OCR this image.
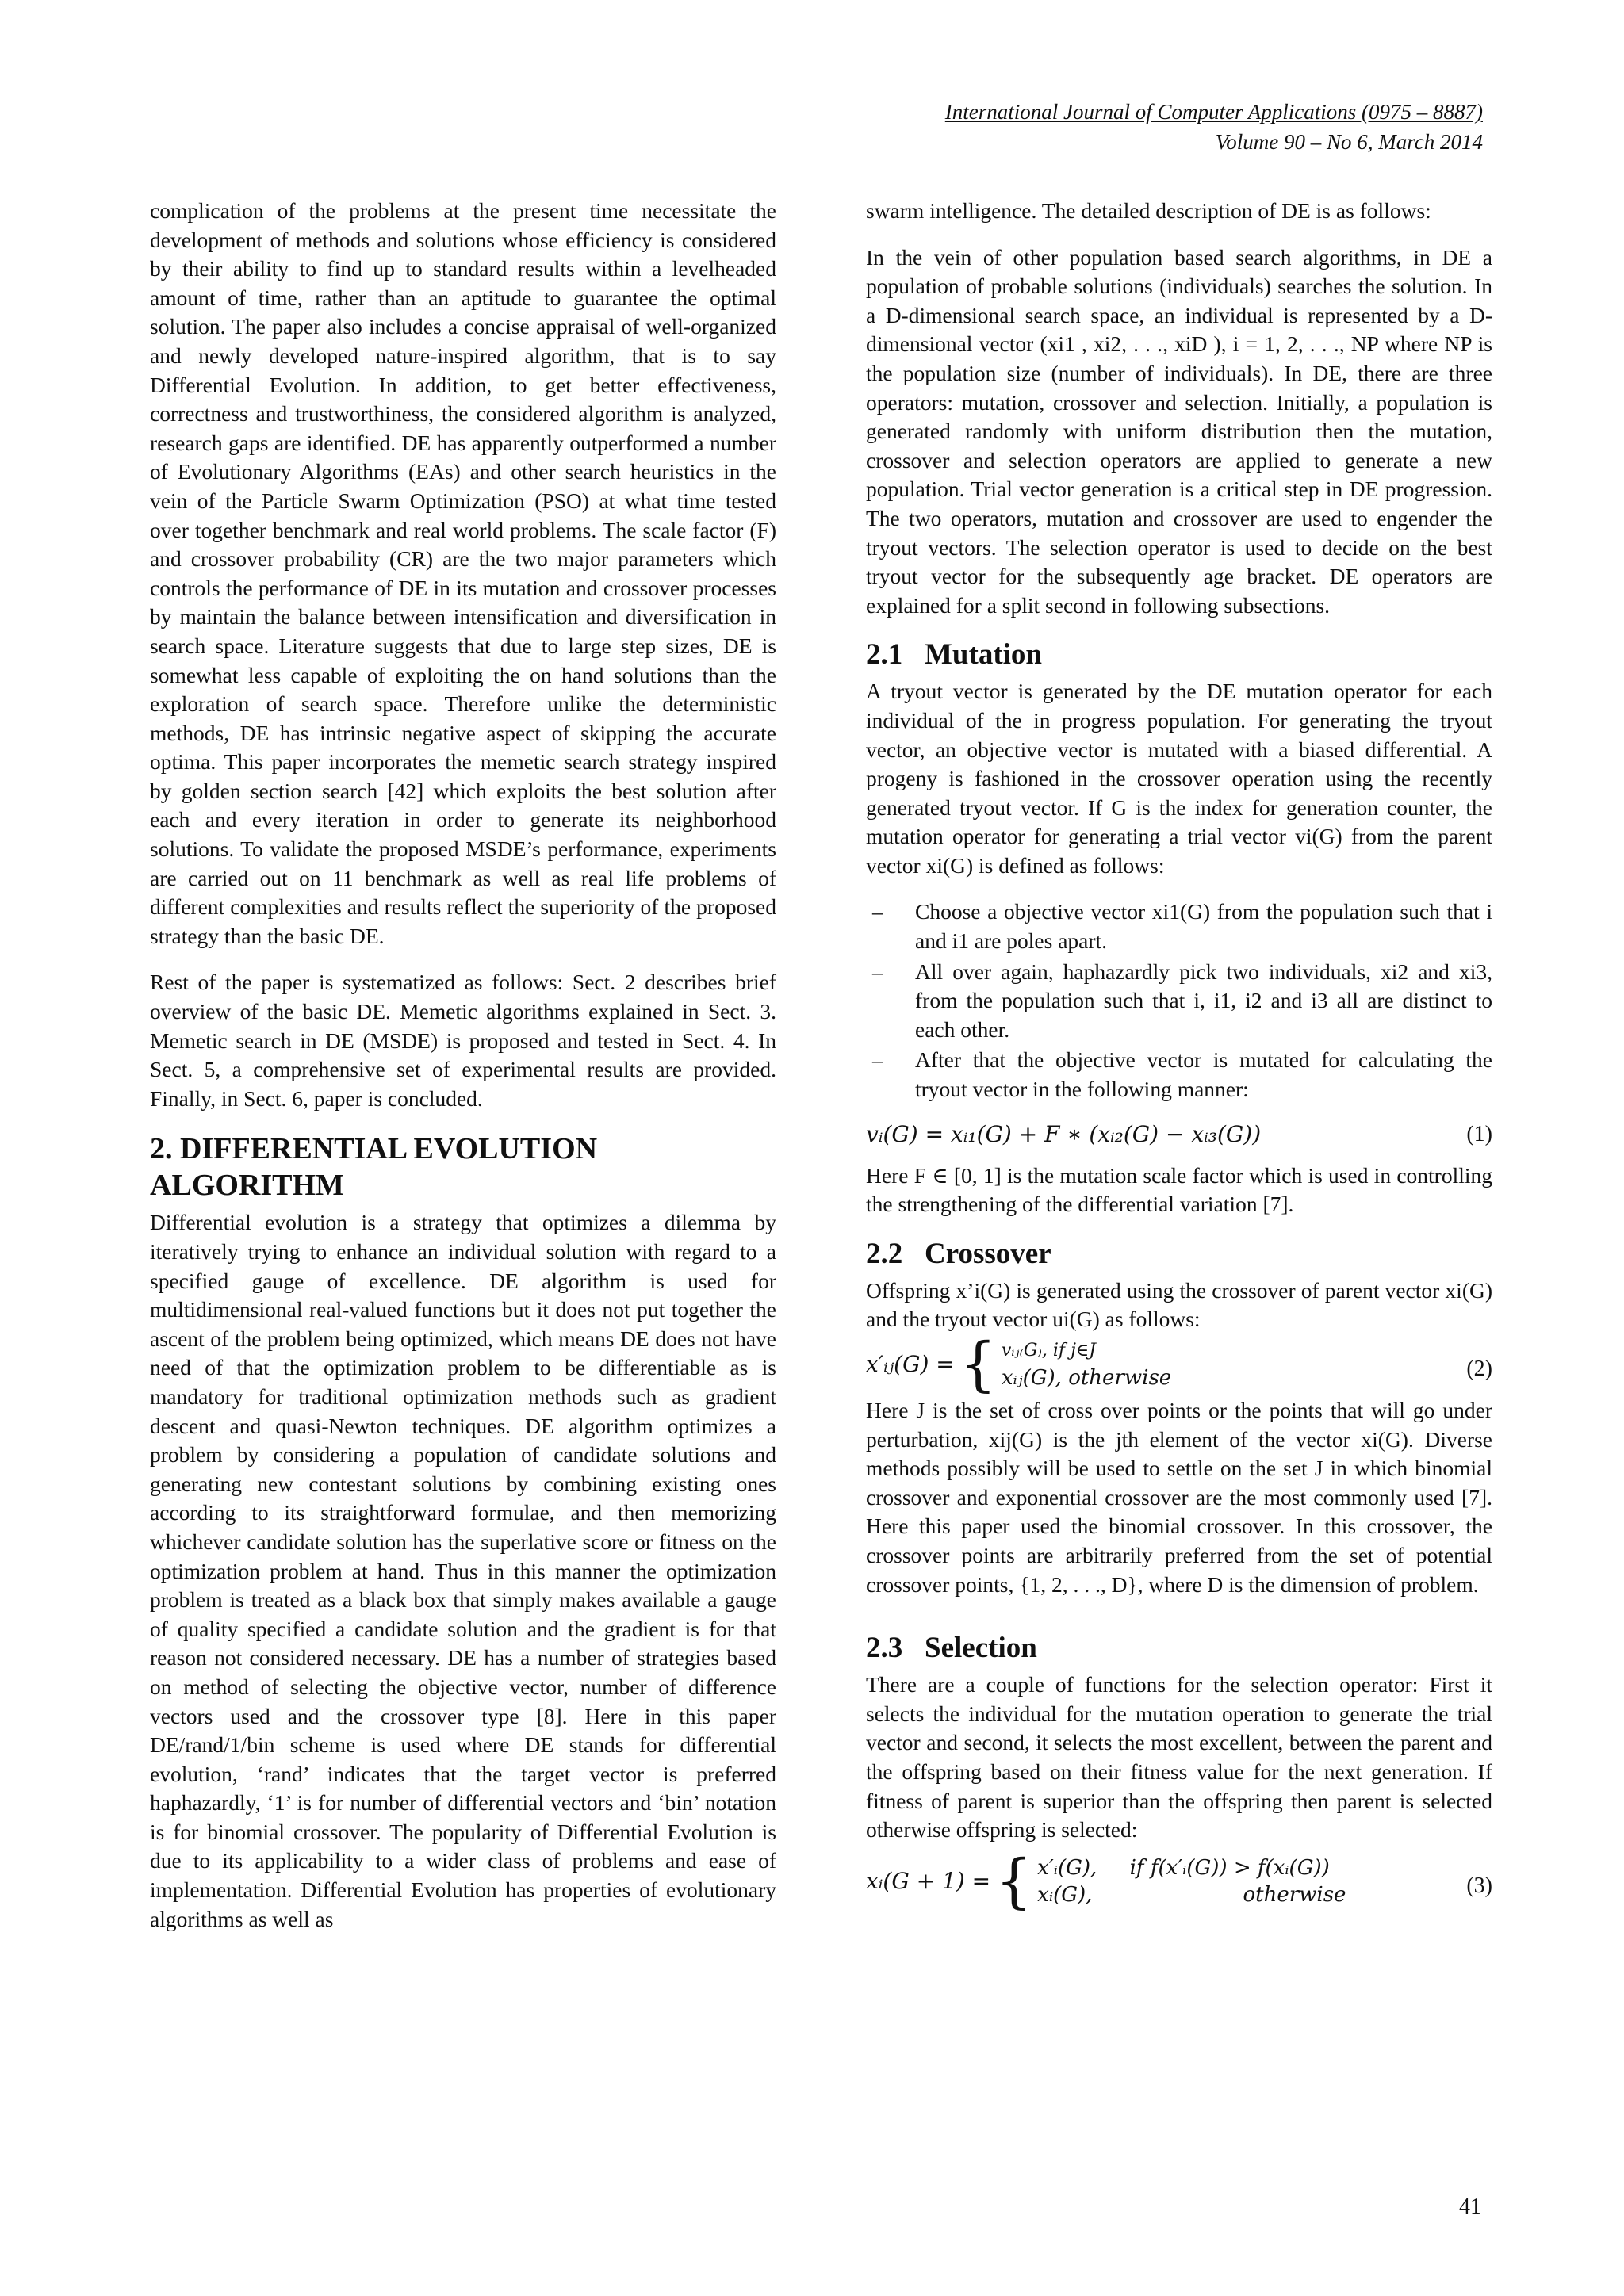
International Journal of Computer Applications (0975 – 8887)
Volume 90 – No 6, March 2014

complication of the problems at the present time necessitate the development of methods and solutions whose efficiency is considered by their ability to find up to standard results within a levelheaded amount of time, rather than an aptitude to guarantee the optimal solution. The paper also includes a concise appraisal of well-organized and newly developed nature-inspired algorithm, that is to say Differential Evolution. In addition, to get better effectiveness, correctness and trustworthiness, the considered algorithm is analyzed, research gaps are identified. DE has apparently outperformed a number of Evolutionary Algorithms (EAs) and other search heuristics in the vein of the Particle Swarm Optimization (PSO) at what time tested over together benchmark and real world problems. The scale factor (F) and crossover probability (CR) are the two major parameters which controls the performance of DE in its mutation and crossover processes by maintain the balance between intensification and diversification in search space. Literature suggests that due to large step sizes, DE is somewhat less capable of exploiting the on hand solutions than the exploration of search space. Therefore unlike the deterministic methods, DE has intrinsic negative aspect of skipping the accurate optima. This paper incorporates the memetic search strategy inspired by golden section search [42] which exploits the best solution after each and every iteration in order to generate its neighborhood solutions. To validate the proposed MSDE’s performance, experiments are carried out on 11 benchmark as well as real life problems of different complexities and results reflect the superiority of the proposed strategy than the basic DE.

Rest of the paper is systematized as follows: Sect. 2 describes brief overview of the basic DE. Memetic algorithms explained in Sect. 3. Memetic search in DE (MSDE) is proposed and tested in Sect. 4. In Sect. 5, a comprehensive set of experimental results are provided. Finally, in Sect. 6, paper is concluded.

2. DIFFERENTIAL EVOLUTION ALGORITHM

Differential evolution is a strategy that optimizes a dilemma by iteratively trying to enhance an individual solution with regard to a specified gauge of excellence. DE algorithm is used for multidimensional real-valued functions but it does not put together the ascent of the problem being optimized, which means DE does not have need of that the optimization problem to be differentiable as is mandatory for traditional optimization methods such as gradient descent and quasi-Newton techniques. DE algorithm optimizes a problem by considering a population of candidate solutions and generating new contestant solutions by combining existing ones according to its straightforward formulae, and then memorizing whichever candidate solution has the superlative score or fitness on the optimization problem at hand. Thus in this manner the optimization problem is treated as a black box that simply makes available a gauge of quality specified a candidate solution and the gradient is for that reason not considered necessary. DE has a number of strategies based on method of selecting the objective vector, number of difference vectors used and the crossover type [8]. Here in this paper DE/rand/1/bin scheme is used where DE stands for differential evolution, ‘rand’ indicates that the target vector is preferred haphazardly, ‘1’ is for number of differential vectors and ‘bin’ notation is for binomial crossover. The popularity of Differential Evolution is due to its applicability to a wider class of problems and ease of implementation. Differential Evolution has properties of evolutionary algorithms as well as

swarm intelligence. The detailed description of DE is as follows:

In the vein of other population based search algorithms, in DE a population of probable solutions (individuals) searches the solution. In a D-dimensional search space, an individual is represented by a D-dimensional vector (xi1 , xi2, . . ., xiD ), i = 1, 2, . . ., NP where NP is the population size (number of individuals). In DE, there are three operators: mutation, crossover and selection. Initially, a population is generated randomly with uniform distribution then the mutation, crossover and selection operators are applied to generate a new population. Trial vector generation is a critical step in DE progression. The two operators, mutation and crossover are used to engender the tryout vectors. The selection operator is used to decide on the best tryout vector for the subsequently age bracket. DE operators are explained for a split second in following subsections.

2.1 Mutation

A tryout vector is generated by the DE mutation operator for each individual of the in progress population. For generating the tryout vector, an objective vector is mutated with a biased differential. A progeny is fashioned in the crossover operation using the recently generated tryout vector. If G is the index for generation counter, the mutation operator for generating a trial vector vi(G) from the parent vector xi(G) is defined as follows:

– Choose a objective vector xi1(G) from the population such that i and i1 are poles apart.
– All over again, haphazardly pick two individuals, xi2 and xi3, from the population such that i, i1, i2 and i3 all are distinct to each other.
– After that the objective vector is mutated for calculating the tryout vector in the following manner:
vᵢ(G) = xᵢ₁(G) + F ∗ (xᵢ₂(G) − xᵢ₃(G))	(1)

Here F ∈ [0, 1] is the mutation scale factor which is used in controlling the strengthening of the differential variation [7].

2.2 Crossover

Offspring x’i(G) is generated using the crossover of parent vector xi(G) and the tryout vector ui(G) as follows:

x′ᵢⱼ(G) = { vᵢⱼ₍G₎, if j∈J
xᵢⱼ(G), otherwise	(2)

Here J is the set of cross over points or the points that will go under perturbation, xij(G) is the jth element of the vector xi(G). Diverse methods possibly will be used to settle on the set J in which binomial crossover and exponential crossover are the most commonly used [7]. Here this paper used the binomial crossover. In this crossover, the crossover points are arbitrarily preferred from the set of potential crossover points, {1, 2, . . ., D}, where D is the dimension of problem.

2.3 Selection

There are a couple of functions for the selection operator: First it selects the individual for the mutation operation to generate the trial vector and second, it selects the most excellent, between the parent and the offspring based on their fitness value for the next generation. If fitness of parent is superior than the offspring then parent is selected otherwise offspring is selected:

xᵢ(G + 1) = { x′ᵢ(G),     if f(x′ᵢ(G)) > f(xᵢ(G))
xᵢ(G),                       otherwise	(3)
41
